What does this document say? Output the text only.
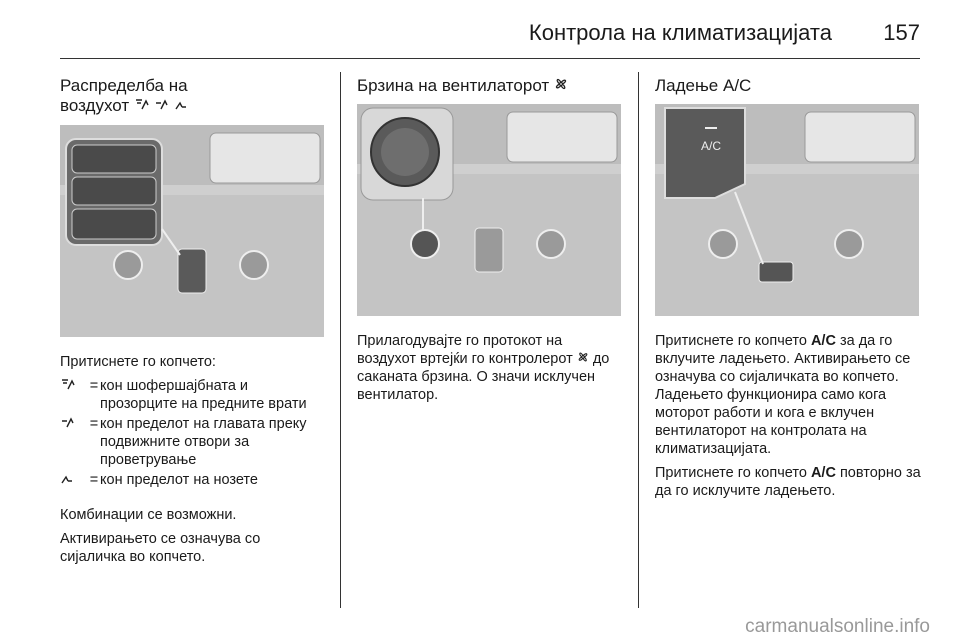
Контрола на климатизацијата 157
Распределба на
воздухот

Притиснете го копчето:

= кон шофершајбната и прозорците на предните врати
= кон пределот на главата преку подвижните отвори за проветрување
= кон пределот на нозете

Комбинации се возможни.

Активирањето се означува со сијаличка во копчето.

Брзина на вентилаторот

Прилагодувајте го протокот на воздухот вртејќи го контролерот до саканата брзина. O значи исклучен вентилатор.

Ладење A/C
A/C

Притиснете го копчето A/C за да го вклучите ладењето. Активирањето се означува со сијаличката во копчето. Ладењето функционира само кога моторот работи и кога е вклучен вентилаторот на контролата на климатизацијата.

Притиснете го копчето A/C повторно за да го исклучите ладењето.

carmanualsonline.info
